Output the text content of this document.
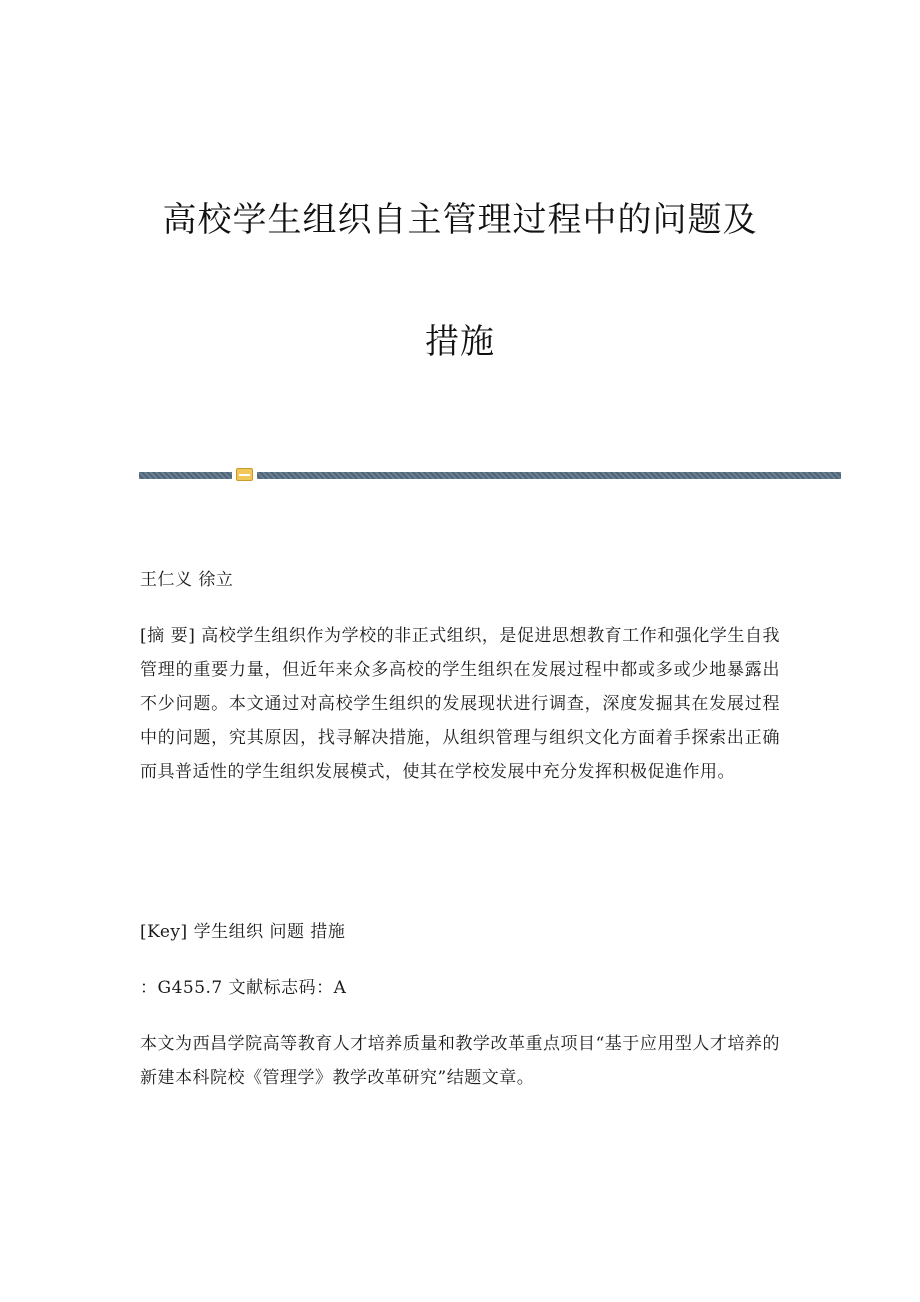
高校学生组织自主管理过程中的问题及
措施

王仁义 徐立

[摘 要] 高校学生组织作为学校的非正式组织，是促进思想教育工作和强化学生自我管理的重要力量，但近年来众多高校的学生组织在发展过程中都或多或少地暴露出不少问题。本文通过对高校学生组织的发展现状进行调查，深度发掘其在发展过程中的问题，究其原因，找寻解决措施，从组织管理与组织文化方面着手探索出正确而具普适性的学生组织发展模式，使其在学校发展中充分发挥积极促進作用。

[Key] 学生组织 问题 措施

：G455.7 文献标志码：A

本文为西昌学院高等教育人才培养质量和教学改革重点项目“基于应用型人才培养的新建本科院校《管理学》教学改革研究”结题文章。
